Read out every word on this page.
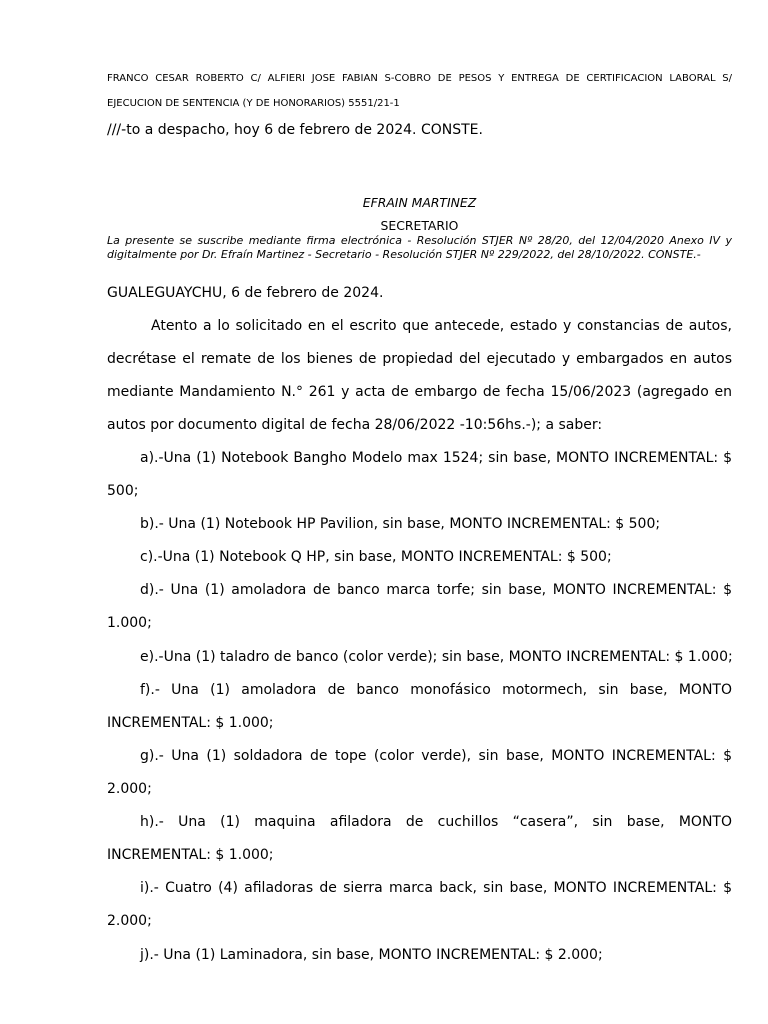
FRANCO CESAR ROBERTO C/ ALFIERI JOSE FABIAN S-COBRO DE PESOS Y ENTREGA DE CERTIFICACION LABORAL S/
EJECUCION DE SENTENCIA (Y DE HONORARIOS) 5551/21-1
///-to a despacho, hoy 6 de febrero de 2024. CONSTE.
EFRAIN MARTINEZ
SECRETARIO
La presente se suscribe mediante firma electrónica - Resolución STJER Nº 28/20, del 12/04/2020 Anexo IV y
digitalmente por Dr. Efraín Martinez - Secretario - Resolución STJER Nº 229/2022, del 28/10/2022. CONSTE.-
GUALEGUAYCHU, 6 de febrero de 2024.
Atento a lo solicitado en el escrito que antecede, estado y constancias de autos,
decrétase el remate de los bienes de propiedad del ejecutado y embargados en autos
mediante Mandamiento N.° 261 y acta de embargo de fecha 15/06/2023 (agregado en
autos por documento digital de fecha 28/06/2022 -10:56hs.-); a saber:
a).-Una (1) Notebook Bangho Modelo max 1524; sin base, MONTO INCREMENTAL: $
500;
b).- Una (1) Notebook HP Pavilion, sin base, MONTO INCREMENTAL: $ 500;
c).-Una (1) Notebook Q HP, sin base, MONTO INCREMENTAL: $ 500;
d).- Una (1) amoladora de banco marca torfe; sin base, MONTO INCREMENTAL: $
1.000;
e).-Una (1) taladro de banco (color verde); sin base, MONTO INCREMENTAL: $ 1.000;
f).- Una (1) amoladora de banco monofásico motormech, sin base, MONTO
INCREMENTAL: $ 1.000;
g).- Una (1) soldadora de tope (color verde), sin base, MONTO INCREMENTAL: $
2.000;
h).- Una (1) maquina afiladora de cuchillos “casera”, sin base, MONTO
INCREMENTAL: $ 1.000;
i).- Cuatro (4) afiladoras de sierra marca back, sin base, MONTO INCREMENTAL: $
2.000;
j).- Una (1) Laminadora, sin base, MONTO INCREMENTAL: $ 2.000;
